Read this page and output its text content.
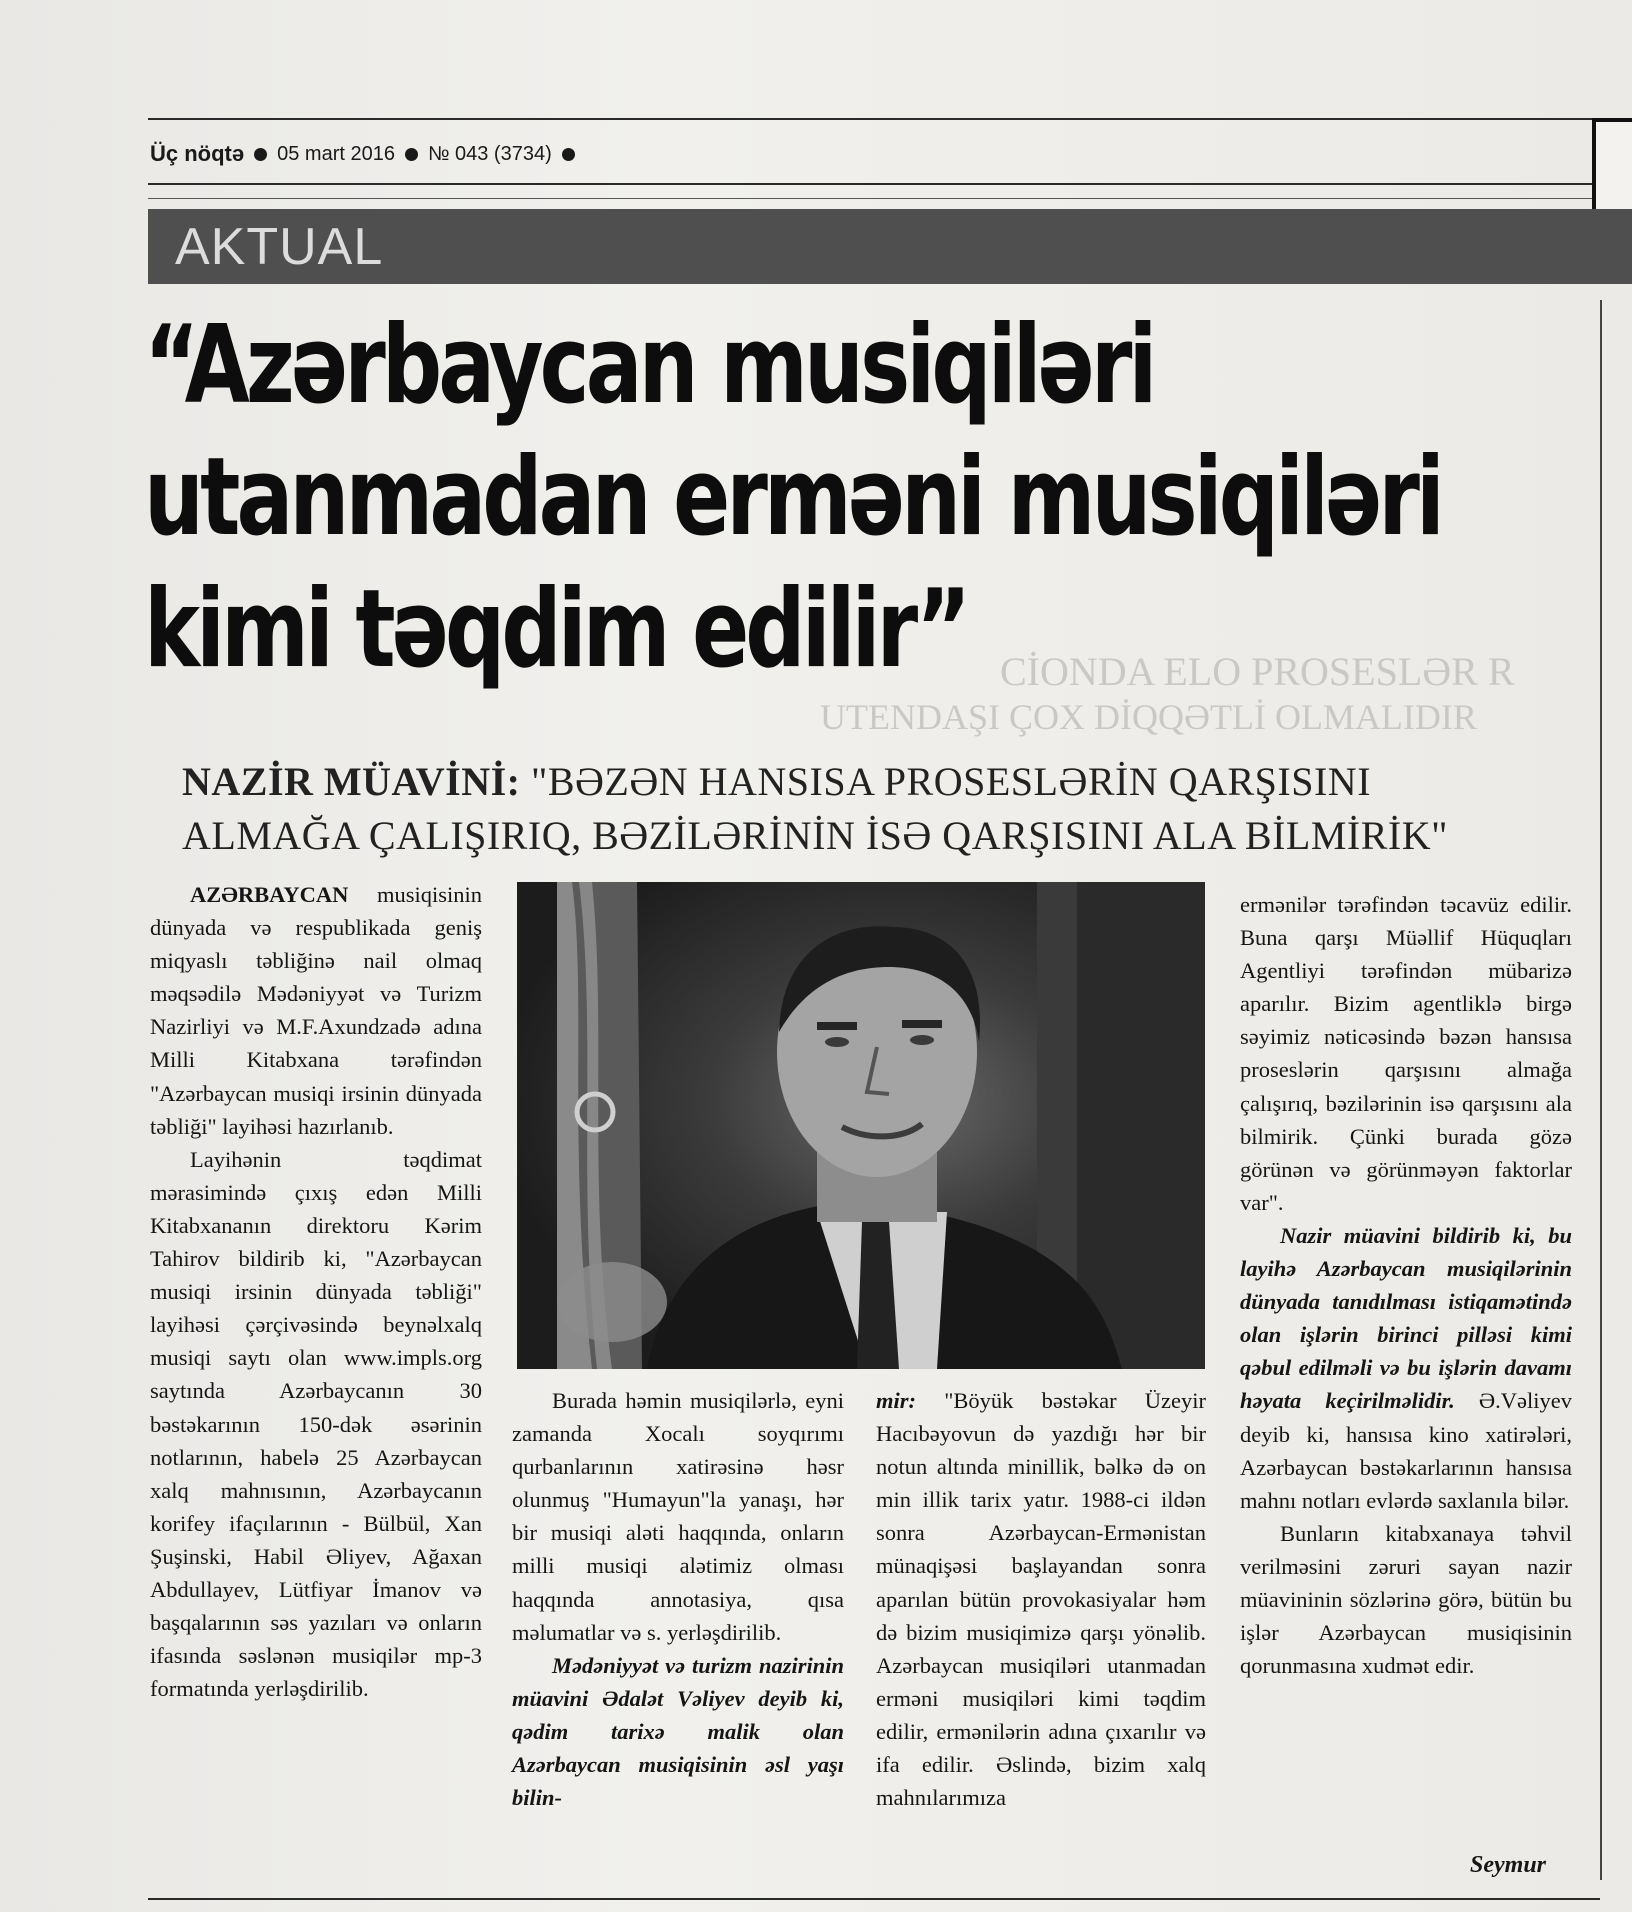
CİONDA ELO PROSESLƏR R
UTENDAŞI ÇOX DİQQƏTLİ OLMALIDIR
Üç nöqtə 05 mart 2016 № 043 (3734)
AKTUAL
“Azərbaycan musiqiləri
utanmadan erməni musiqiləri
kimi təqdim edilir”
NAZİR MÜAVİNİ: "BƏZƏN HANSISA PROSESLƏRİN QARŞISINI
ALMAĞA ÇALIŞIRIQ, BƏZİLƏRİNİN İSƏ QARŞISINI ALA BİLMİRİK"

AZƏRBAYCAN musiqisinin dünyada və respublikada geniş miqyaslı təbliğinə nail olmaq məqsədilə Mədəniyyət və Turizm Nazirliyi və M.F.Axundzadə adına Milli Kitabxana tərəfindən "Azərbaycan musiqi irsinin dünyada təbliği" layihəsi hazırlanıb.

Layihənin təqdimat mərasimində çıxış edən Milli Kitabxananın direktoru Kərim Tahirov bildirib ki, "Azərbaycan musiqi irsinin dünyada təbliği" layihəsi çərçivəsində beynəlxalq musiqi saytı olan www.impls.org saytında Azərbaycanın 30 bəstəkarının 150-dək əsərinin notlarının, habelə 25 Azərbaycan xalq mahnısının, Azərbaycanın korifey ifaçılarının - Bülbül, Xan Şuşinski, Habil Əliyev, Ağaxan Abdullayev, Lütfiyar İmanov və başqalarının səs yazıları və onların ifasında səslənən musiqilər mp-3 formatında yerləşdirilib.

Burada həmin musiqilərlə, eyni zamanda Xocalı soyqırımı qurbanlarının xatirəsinə həsr olunmuş "Humayun"la yanaşı, hər bir musiqi aləti haqqında, onların milli musiqi alətimiz olması haqqında annotasiya, qısa məlumatlar və s. yerləşdirilib.

Mədəniyyət və turizm nazirinin müavini Ədalət Vəliyev deyib ki, qədim tarixə malik olan Azərbaycan musiqisinin əsl yaşı bilin-

mir: "Böyük bəstəkar Üzeyir Hacıbəyovun də yazdığı hər bir notun altında minillik, bəlkə də on min illik tarix yatır. 1988-ci ildən sonra Azərbaycan-Ermənistan münaqişəsi başlayandan sonra aparılan bütün provokasiyalar həm də bizim musiqimizə qarşı yönəlib. Azərbaycan musiqiləri utanmadan erməni musiqiləri kimi təqdim edilir, ermənilərin adına çıxarılır və ifa edilir. Əslində, bizim xalq mahnılarımıza

ermənilər tərəfindən təcavüz edilir. Buna qarşı Müəllif Hüquqları Agentliyi tərəfindən mübarizə aparılır. Bizim agentliklə birgə səyimiz nəticəsində bəzən hansısa proseslərin qarşısını almağa çalışırıq, bəzilərinin isə qarşısını ala bilmirik. Çünki burada gözə görünən və görünməyən faktorlar var".

Nazir müavini bildirib ki, bu layihə Azərbaycan musiqilərinin dünyada tanıdılması istiqamətində olan işlərin birinci pilləsi kimi qəbul edilməli və bu işlərin davamı həyata keçirilməlidir. Ə.Vəliyev deyib ki, hansısa kino xatirələri, Azərbaycan bəstəkarlarının hansısa mahnı notları evlərdə saxlanıla bilər.

Bunların kitabxanaya təhvil verilməsini zəruri sayan nazir müavininin sözlərinə görə, bütün bu işlər Azərbaycan musiqisinin qorunmasına xudmət edir.

Seymur
